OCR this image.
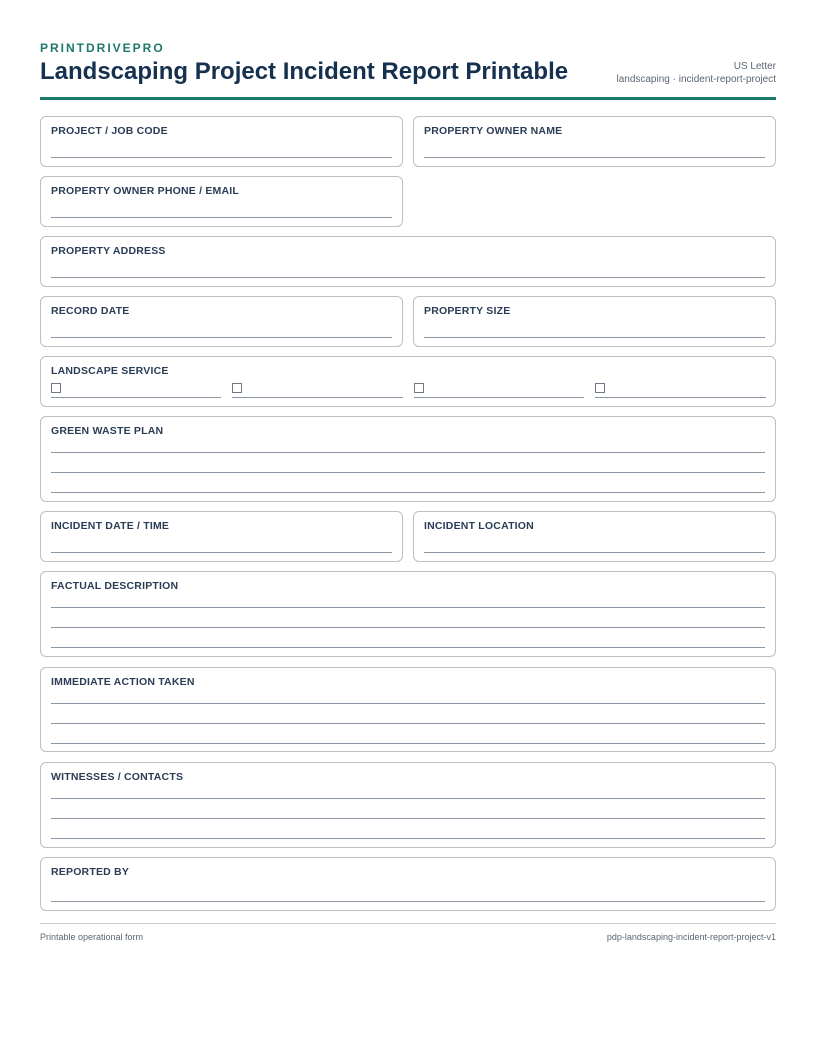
PRINTDRIVEPRO
Landscaping Project Incident Report Printable	US Letter
landscaping · incident-report-project
PROJECT / JOB CODE	PROPERTY OWNER NAME
PROPERTY OWNER PHONE / EMAIL
PROPERTY ADDRESS
RECORD DATE	PROPERTY SIZE
LANDSCAPE SERVICE
GREEN WASTE PLAN
INCIDENT DATE / TIME	INCIDENT LOCATION
FACTUAL DESCRIPTION
IMMEDIATE ACTION TAKEN
WITNESSES / CONTACTS
REPORTED BY
Printable operational form	pdp-landscaping-incident-report-project-v1
